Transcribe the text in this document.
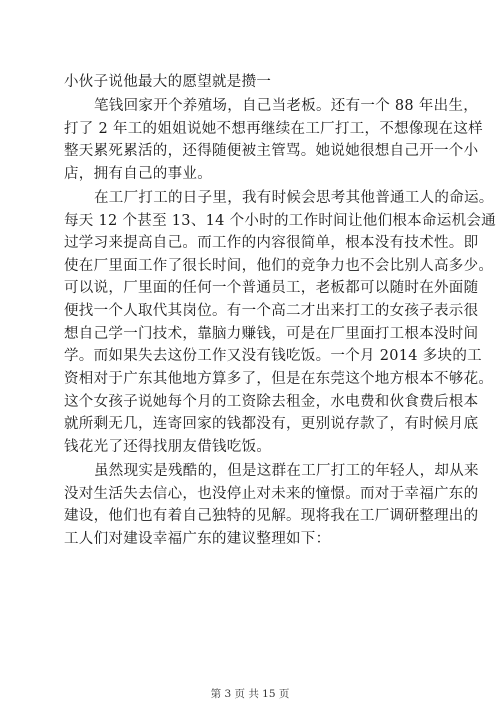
小伙子说他最大的愿望就是攒一
笔钱回家开个养殖场，自己当老板。还有一个 88 年出生，
打了 2 年工的姐姐说她不想再继续在工厂打工，不想像现在这样
整天累死累活的，还得随便被主管骂。她说她很想自己开一个小
店，拥有自己的事业。
在工厂打工的日子里，我有时候会思考其他普通工人的命运。
每天 12 个甚至 13、14 个小时的工作时间让他们根本命运机会通
过学习来提高自己。而工作的内容很简单，根本没有技术性。即
使在厂里面工作了很长时间，他们的竞争力也不会比别人高多少。
可以说，厂里面的任何一个普通员工，老板都可以随时在外面随
便找一个人取代其岗位。有一个高二才出来打工的女孩子表示很
想自己学一门技术，靠脑力赚钱，可是在厂里面打工根本没时间
学。而如果失去这份工作又没有钱吃饭。一个月 2014 多块的工
资相对于广东其他地方算多了，但是在东莞这个地方根本不够花。
这个女孩子说她每个月的工资除去租金，水电费和伙食费后根本
就所剩无几，连寄回家的钱都没有，更别说存款了，有时候月底
钱花光了还得找朋友借钱吃饭。
虽然现实是残酷的，但是这群在工厂打工的年轻人，却从来
没对生活失去信心，也没停止对未来的憧憬。而对于幸福广东的
建设，他们也有着自己独特的见解。现将我在工厂调研整理出的
工人们对建设幸福广东的建议整理如下：
第 3 页 共 15 页
